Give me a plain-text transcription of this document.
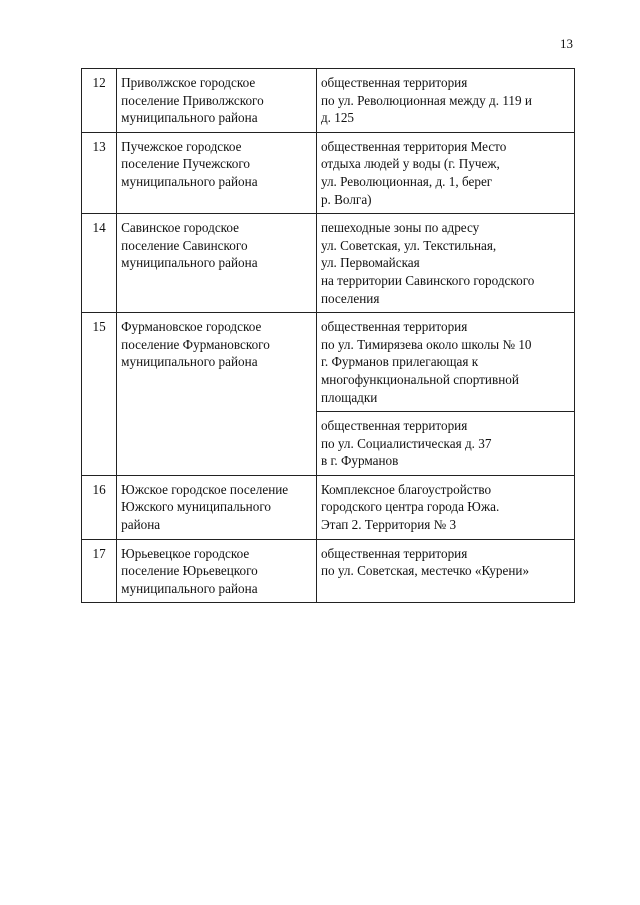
13
12	Приволжское городское
поселение Приволжского
муниципального района	общественная территория
по ул. Революционная между д. 119 и
д. 125

13	Пучежское городское
поселение Пучежского
муниципального района	общественная территория Место
отдыха людей у воды (г. Пучеж,
ул. Революционная, д. 1, берег
р. Волга)

14	Савинское городское
поселение Савинского
муниципального района	пешеходные зоны по адресу
ул. Советская, ул. Текстильная,
ул. Первомайская
на территории Савинского городского
поселения

15	Фурмановское городское
поселение Фурмановского
муниципального района	общественная территория
по ул. Тимирязева около школы № 10
г. Фурманов прилегающая к
многофункциональной спортивной
площадки

		общественная территория
по ул. Социалистическая д. 37
в г. Фурманов

16	Южское городское поселение
Южского муниципального
района	Комплексное благоустройство
городского центра города Южа.
Этап 2. Территория № 3

17	Юрьевецкое городское
поселение Юрьевецкого
муниципального района	общественная территория
по ул. Советская, местечко «Курени»
